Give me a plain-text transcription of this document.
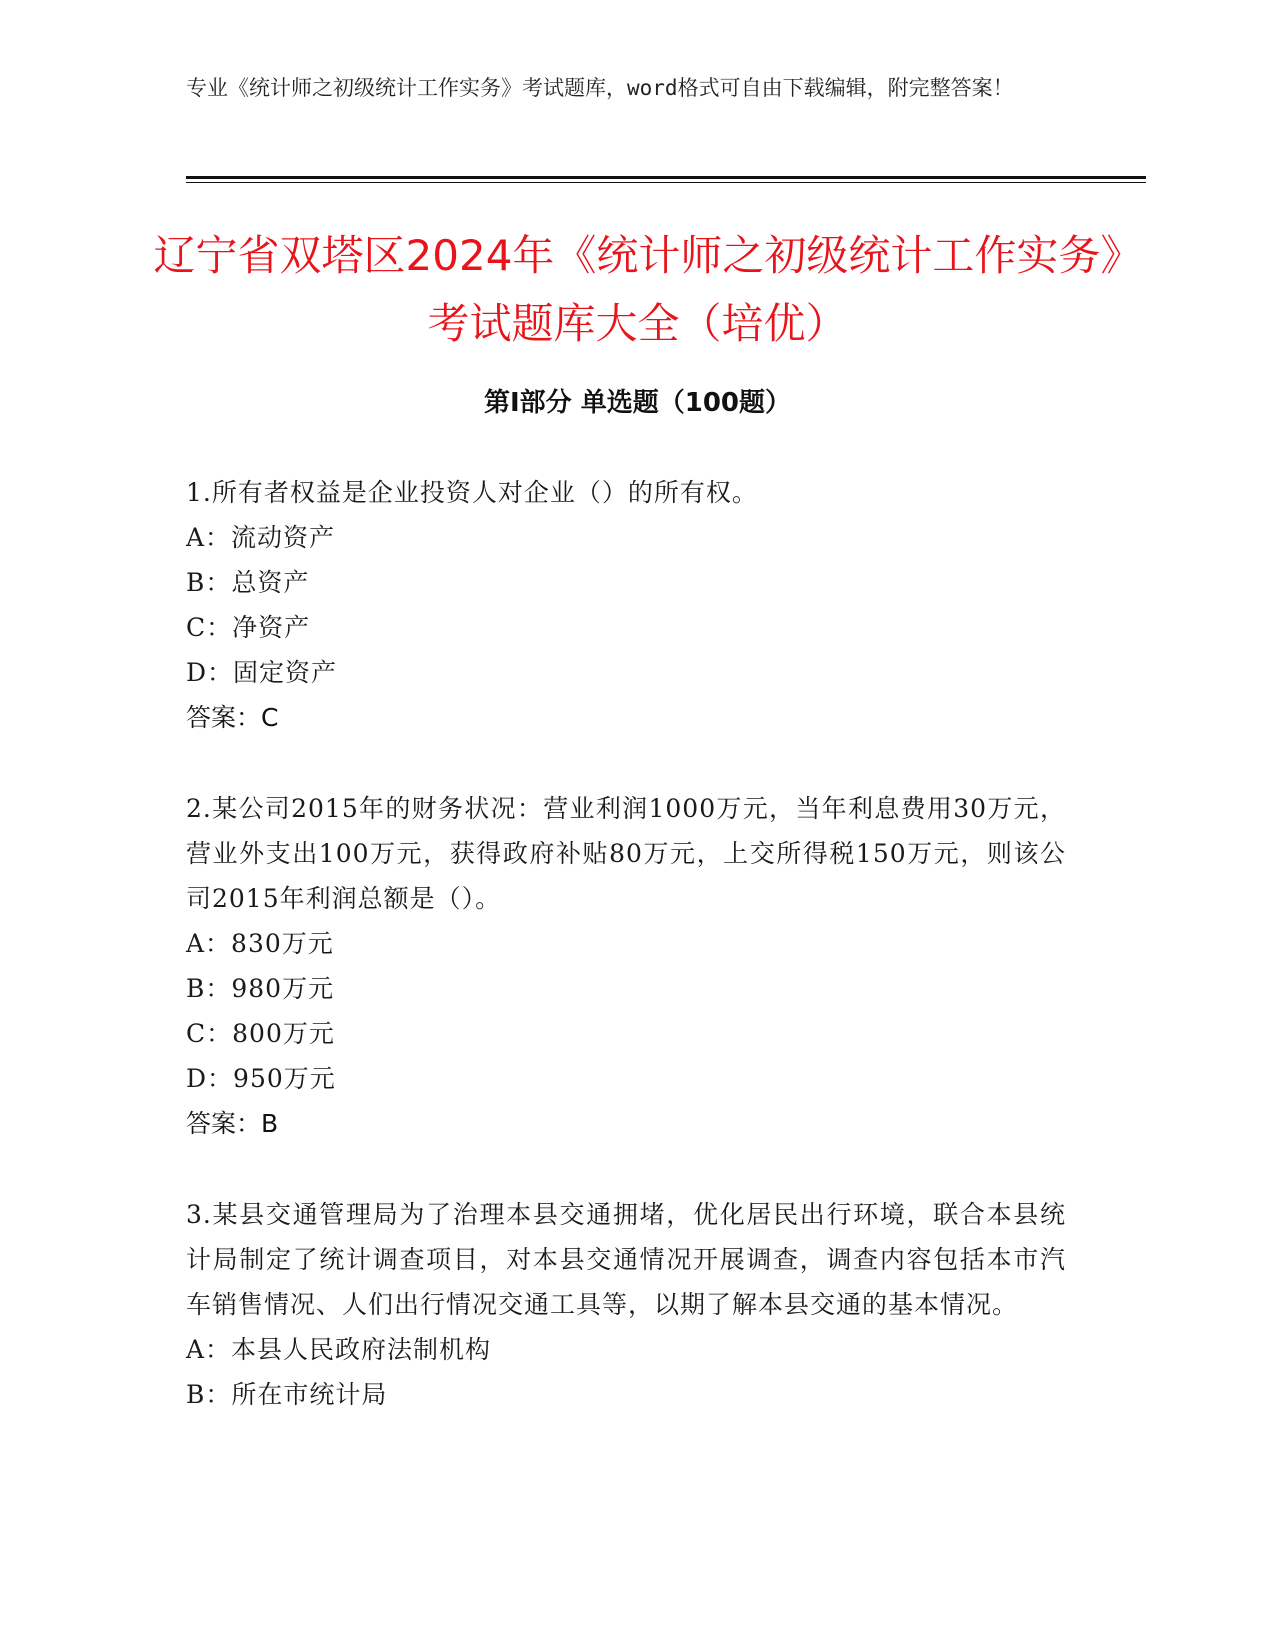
专业《统计师之初级统计工作实务》考试题库，word格式可自由下载编辑，附完整答案！
辽宁省双塔区2024年《统计师之初级统计工作实务》考试题库大全（培优）
第Ⅰ部分 单选题（100题）
1.所有者权益是企业投资人对企业（）的所有权。
A：流动资产
B：总资产
C：净资产
D：固定资产
答案：C
2.某公司2015年的财务状况：营业利润1000万元，当年利息费用30万元，营业外支出100万元，获得政府补贴80万元，上交所得税150万元，则该公司2015年利润总额是（）。
A：830万元
B：980万元
C：800万元
D：950万元
答案：B
3.某县交通管理局为了治理本县交通拥堵，优化居民出行环境，联合本县统计局制定了统计调查项目，对本县交通情况开展调查，调查内容包括本市汽车销售情况、人们出行情况交通工具等，以期了解本县交通的基本情况。
A：本县人民政府法制机构
B：所在市统计局
